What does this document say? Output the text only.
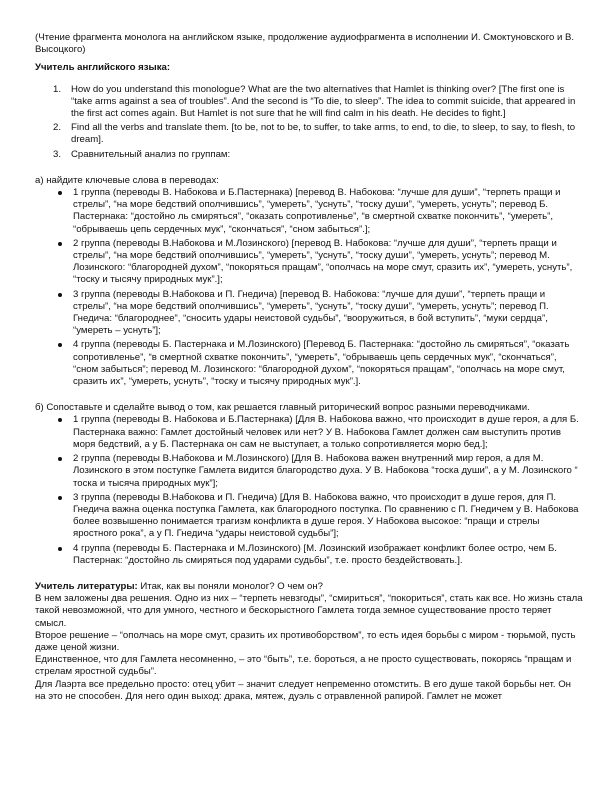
(Чтение фрагмента монолога на английском языке, продолжение аудиофрагмента в исполнении И. Смоктуновского и В. Высоцкого)

Учитель английского языка:

1. How do you understand this monologue? What are the two alternatives that Hamlet is thinking over? [The first one is “take arms against a sea of troubles”. And the second is “To die, to sleep”. The idea to commit suicide, that appeared in the first act comes again. But Hamlet is not sure that he will find calm in his death. He decides to fight.]
2. Find all the verbs and translate them. [to be, not to be, to suffer, to take arms, to end, to die, to sleep, to say, to flesh, to dream].
3. Сравнительный анализ по группам:

а) найдите ключевые слова в переводах:

1 группа (переводы В. Набокова и Б.Пастернака) [перевод В. Набокова: “лучше для души”, “терпеть пращи и стрелы”, “на море бедствий ополчившись”, “умереть”, “уснуть”, “тоску души”, “умереть, уснуть”; перевод Б. Пастернака: “достойно ль смиряться”, “оказать сопротивленье”, “в смертной схватке покончить”, “умереть”, “обрываешь цепь сердечных мук”, “скончаться”, “сном забыться”.];
2 группа (переводы В.Набокова и М.Лозинского) [перевод В. Набокова: “лучше для души”, “терпеть пращи и стрелы”, “на море бедствий ополчившись”, “умереть”, “уснуть”, “тоску души”, “умереть, уснуть”; перевод М. Лозинского: “благородней духом”, “покоряться пращам”, “ополчась на море смут, сразить их”, “умереть, уснуть”, “тоску и тысячу природных мук”.];
3 группа (переводы В.Набокова и П. Гнедича) [перевод В. Набокова: “лучше для души”, “терпеть пращи и стрелы”, “на море бедствий ополчившись”, “умереть”, “уснуть”, “тоску души”, “умереть, уснуть”; перевод П. Гнедича: “благороднее”, “сносить удары неистовой судьбы”, “вооружиться, в бой вступить”, “муки сердца”, “умереть – уснуть”];
4 группа (переводы Б. Пастернака и М.Лозинского) [Перевод Б. Пастернака: “достойно ль смиряться”, “оказать сопротивленье”, “в смертной схватке покончить”, “умереть”, “обрываешь цепь сердечных мук”, “скончаться”, “сном забыться”; перевод М. Лозинского: “благородной духом”, “покоряться пращам”, “ополчась на море смут, сразить их”, “умереть, уснуть”, “тоску и тысячу природных мук”.].

б) Сопоставьте и сделайте вывод о том, как решается главный риторический вопрос разными переводчиками.

1 группа (переводы В. Набокова и Б.Пастернака) [Для В. Набокова важно, что происходит в душе героя, а для Б. Пастернака важно: Гамлет достойный человек или нет? У В. Набокова Гамлет должен сам выступить против моря бедствий, а у Б. Пастернака он сам не выступает, а только сопротивляется морю бед.];
2 группа (переводы В.Набокова и М.Лозинского) [Для В. Набокова важен внутренний мир героя, а для М. Лозинского в этом поступке Гамлета видится благородство духа. У В. Набокова “тоска души”, а у М. Лозинского “ тоска и тысяча природных мук”];
3 группа (переводы В.Набокова и П. Гнедича) [Для В. Набокова важно, что происходит в душе героя, для П. Гнедича важна оценка поступка Гамлета, как благородного поступка. По сравнению с П. Гнедичем у В. Набокова более возвышенно понимается трагизм конфликта в душе героя. У Набокова высокое: “пращи и стрелы яростного рока”, а у П. Гнедича “удары неистовой судьбы”];
4 группа (переводы Б. Пастернака и М.Лозинского) [М. Лозинский изображает конфликт более остро, чем Б. Пастернак: “достойно ль смиряться под ударами судьбы”, т.е. просто бездействовать.].

Учитель литературы: Итак, как вы поняли монолог? О чем он?

В нем заложены два решения. Одно из них – “терпеть невзгоды”, “смириться”, “покориться”, стать как все. Но жизнь стала такой невозможной, что для умного, честного и бескорыстного Гамлета тогда земное существование просто теряет смысл.

Второе решение – “ополчась на море смут, сразить их противоборством”, то есть идея борьбы с миром - тюрьмой, пусть даже ценой жизни.

Единственное, что для Гамлета несомненно, – это “быть”, т.е. бороться, а не просто существовать, покорясь “пращам и стрелам яростной судьбы”.

Для Лаэрта все предельно просто: отец убит – значит следует непременно отомстить. В его душе такой борьбы нет. Он на это не способен. Для него один выход: драка, мятеж, дуэль с отравленной рапирой. Гамлет не может
